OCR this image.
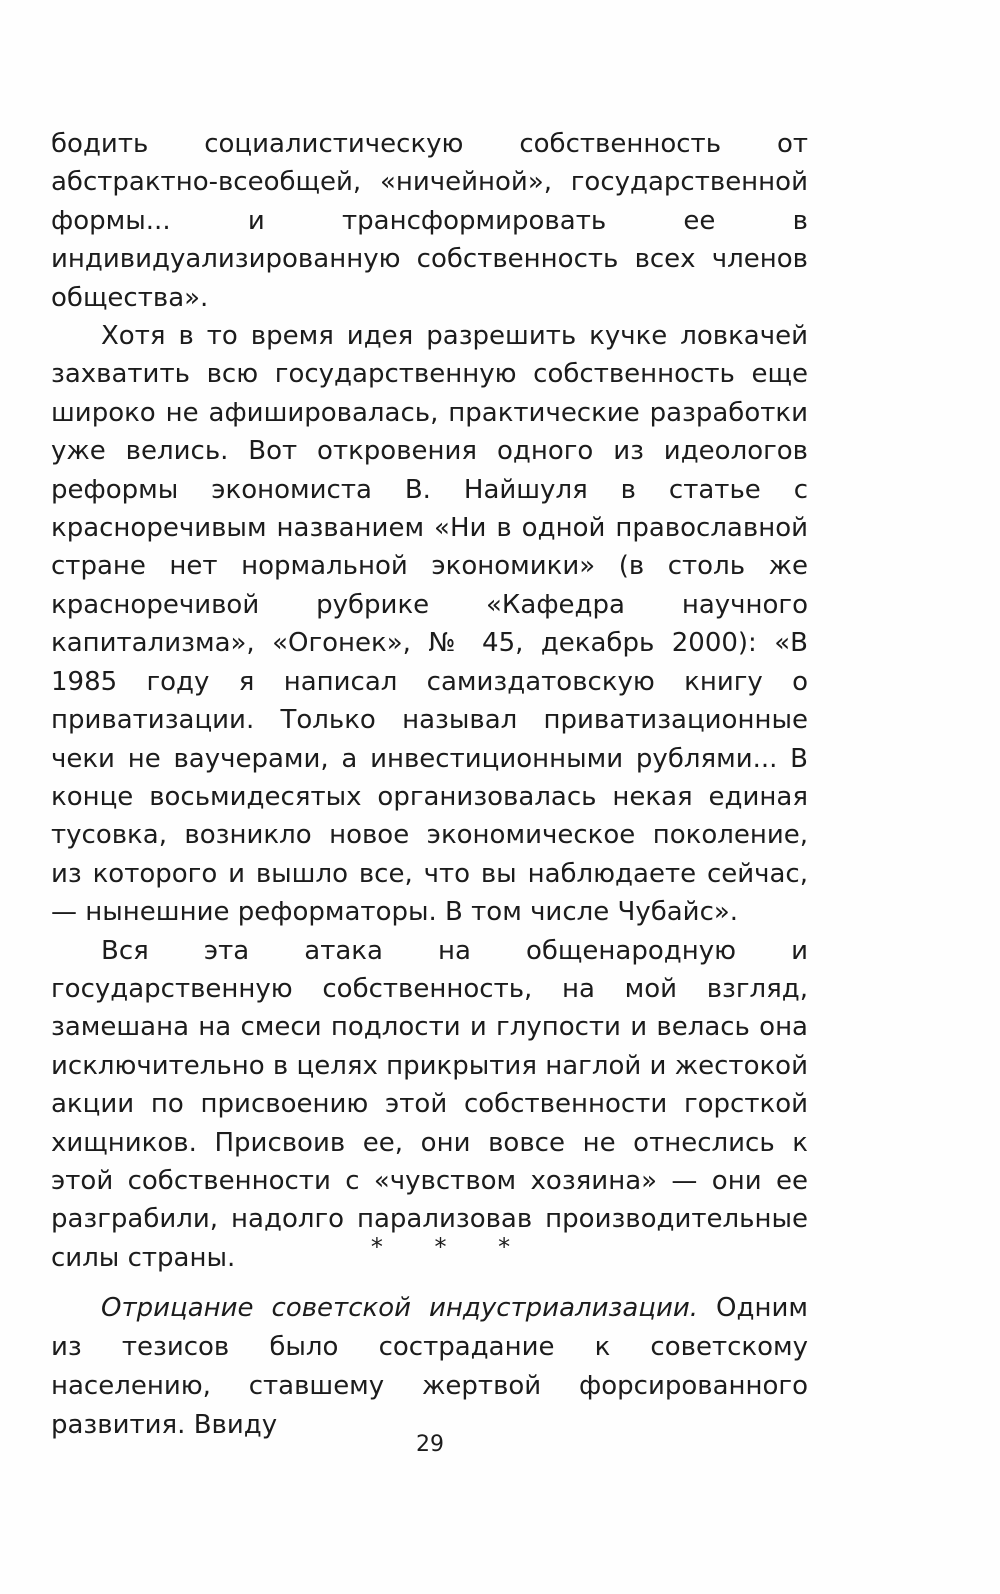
бодить социалистическую собственность от абстрактно-всеобщей, «ничейной», государственной формы... и трансформировать ее в индивидуализированную собственность всех членов общества».

Хотя в то время идея разрешить кучке ловкачей захватить всю государственную собственность еще широко не афишировалась, практические разработки уже велись. Вот откровения одного из идеологов реформы экономиста В. Найшуля в статье с красноречивым названием «Ни в одной православной стране нет нормальной экономики» (в столь же красноречивой рубрике «Кафедра научного капитализма», «Огонек», № 45, декабрь 2000): «В 1985 году я написал самиздатовскую книгу о приватизации. Только называл приватизационные чеки не ваучерами, а инвестиционными рублями... В конце восьмидесятых организовалась некая единая тусовка, возникло новое экономическое поколение, из которого и вышло все, что вы наблюдаете сейчас,— нынешние реформаторы. В том числе Чубайс».

Вся эта атака на общенародную и государственную собственность, на мой взгляд, замешана на смеси подлости и глупости и велась она исключительно в целях прикрытия наглой и жестокой акции по присвоению этой собственности горсткой хищников. Присвоив ее, они вовсе не отнеслись к этой собственности с «чувством хозяина» — они ее разграбили, надолго парализовав производительные силы страны.	* * *

Отрицание советской индустриализации. Одним из тезисов было сострадание к советскому населению, ставшему жертвой форсированного развития. Ввиду

29
